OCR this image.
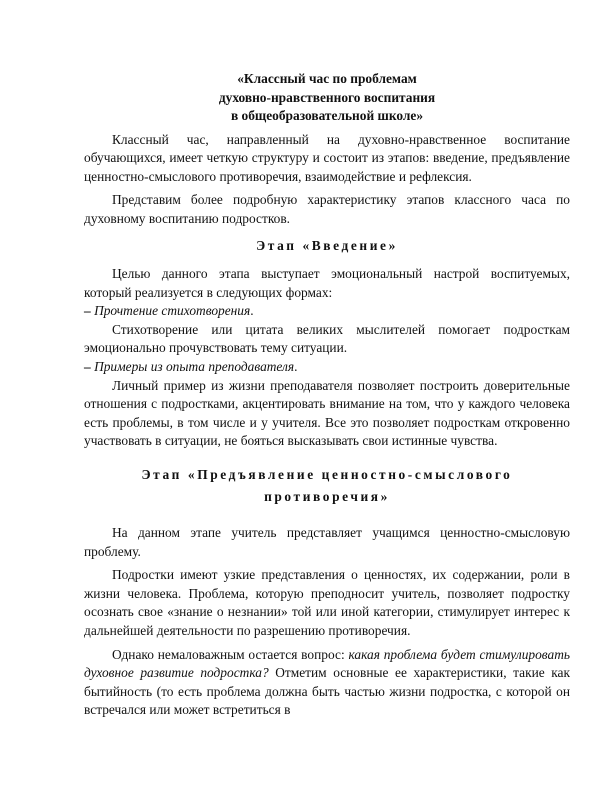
«Классный час по проблемам
духовно-нравственного воспитания
в общеобразовательной школе»

Классный час, направленный на духовно-нравственное воспитание обучающихся, имеет четкую структуру и состоит из этапов: введение, предъявление ценностно-смыслового противоречия, взаимодействие и рефлексия.

Представим более подробную характеристику этапов классного часа по духовному воспитанию подростков.

Этап «Введение»

Целью данного этапа выступает эмоциональный настрой воспитуемых, который реализуется в следующих формах:

– Прочтение стихотворения.

Стихотворение или цитата великих мыслителей помогает подросткам эмоционально прочувствовать тему ситуации.

– Примеры из опыта преподавателя.

Личный пример из жизни преподавателя позволяет построить доверительные отношения с подростками, акцентировать внимание на том, что у каждого человека есть проблемы, в том числе и у учителя. Все это позволяет подросткам откровенно участвовать в ситуации, не бояться высказывать свои истинные чувства.

Этап «Предъявление ценностно-смыслового
противоречия»

На данном этапе учитель представляет учащимся ценностно-смысловую проблему.

Подростки имеют узкие представления о ценностях, их содержании, роли в жизни человека. Проблема, которую преподносит учитель, позволяет подростку осознать свое «знание о незнании» той или иной категории, стимулирует интерес к дальнейшей деятельности по разрешению противоречия.

Однако немаловажным остается вопрос: какая проблема будет стимулировать духовное развитие подростка? Отметим основные ее характеристики, такие как бытийность (то есть проблема должна быть частью жизни подростка, с которой он встречался или может встретиться в
